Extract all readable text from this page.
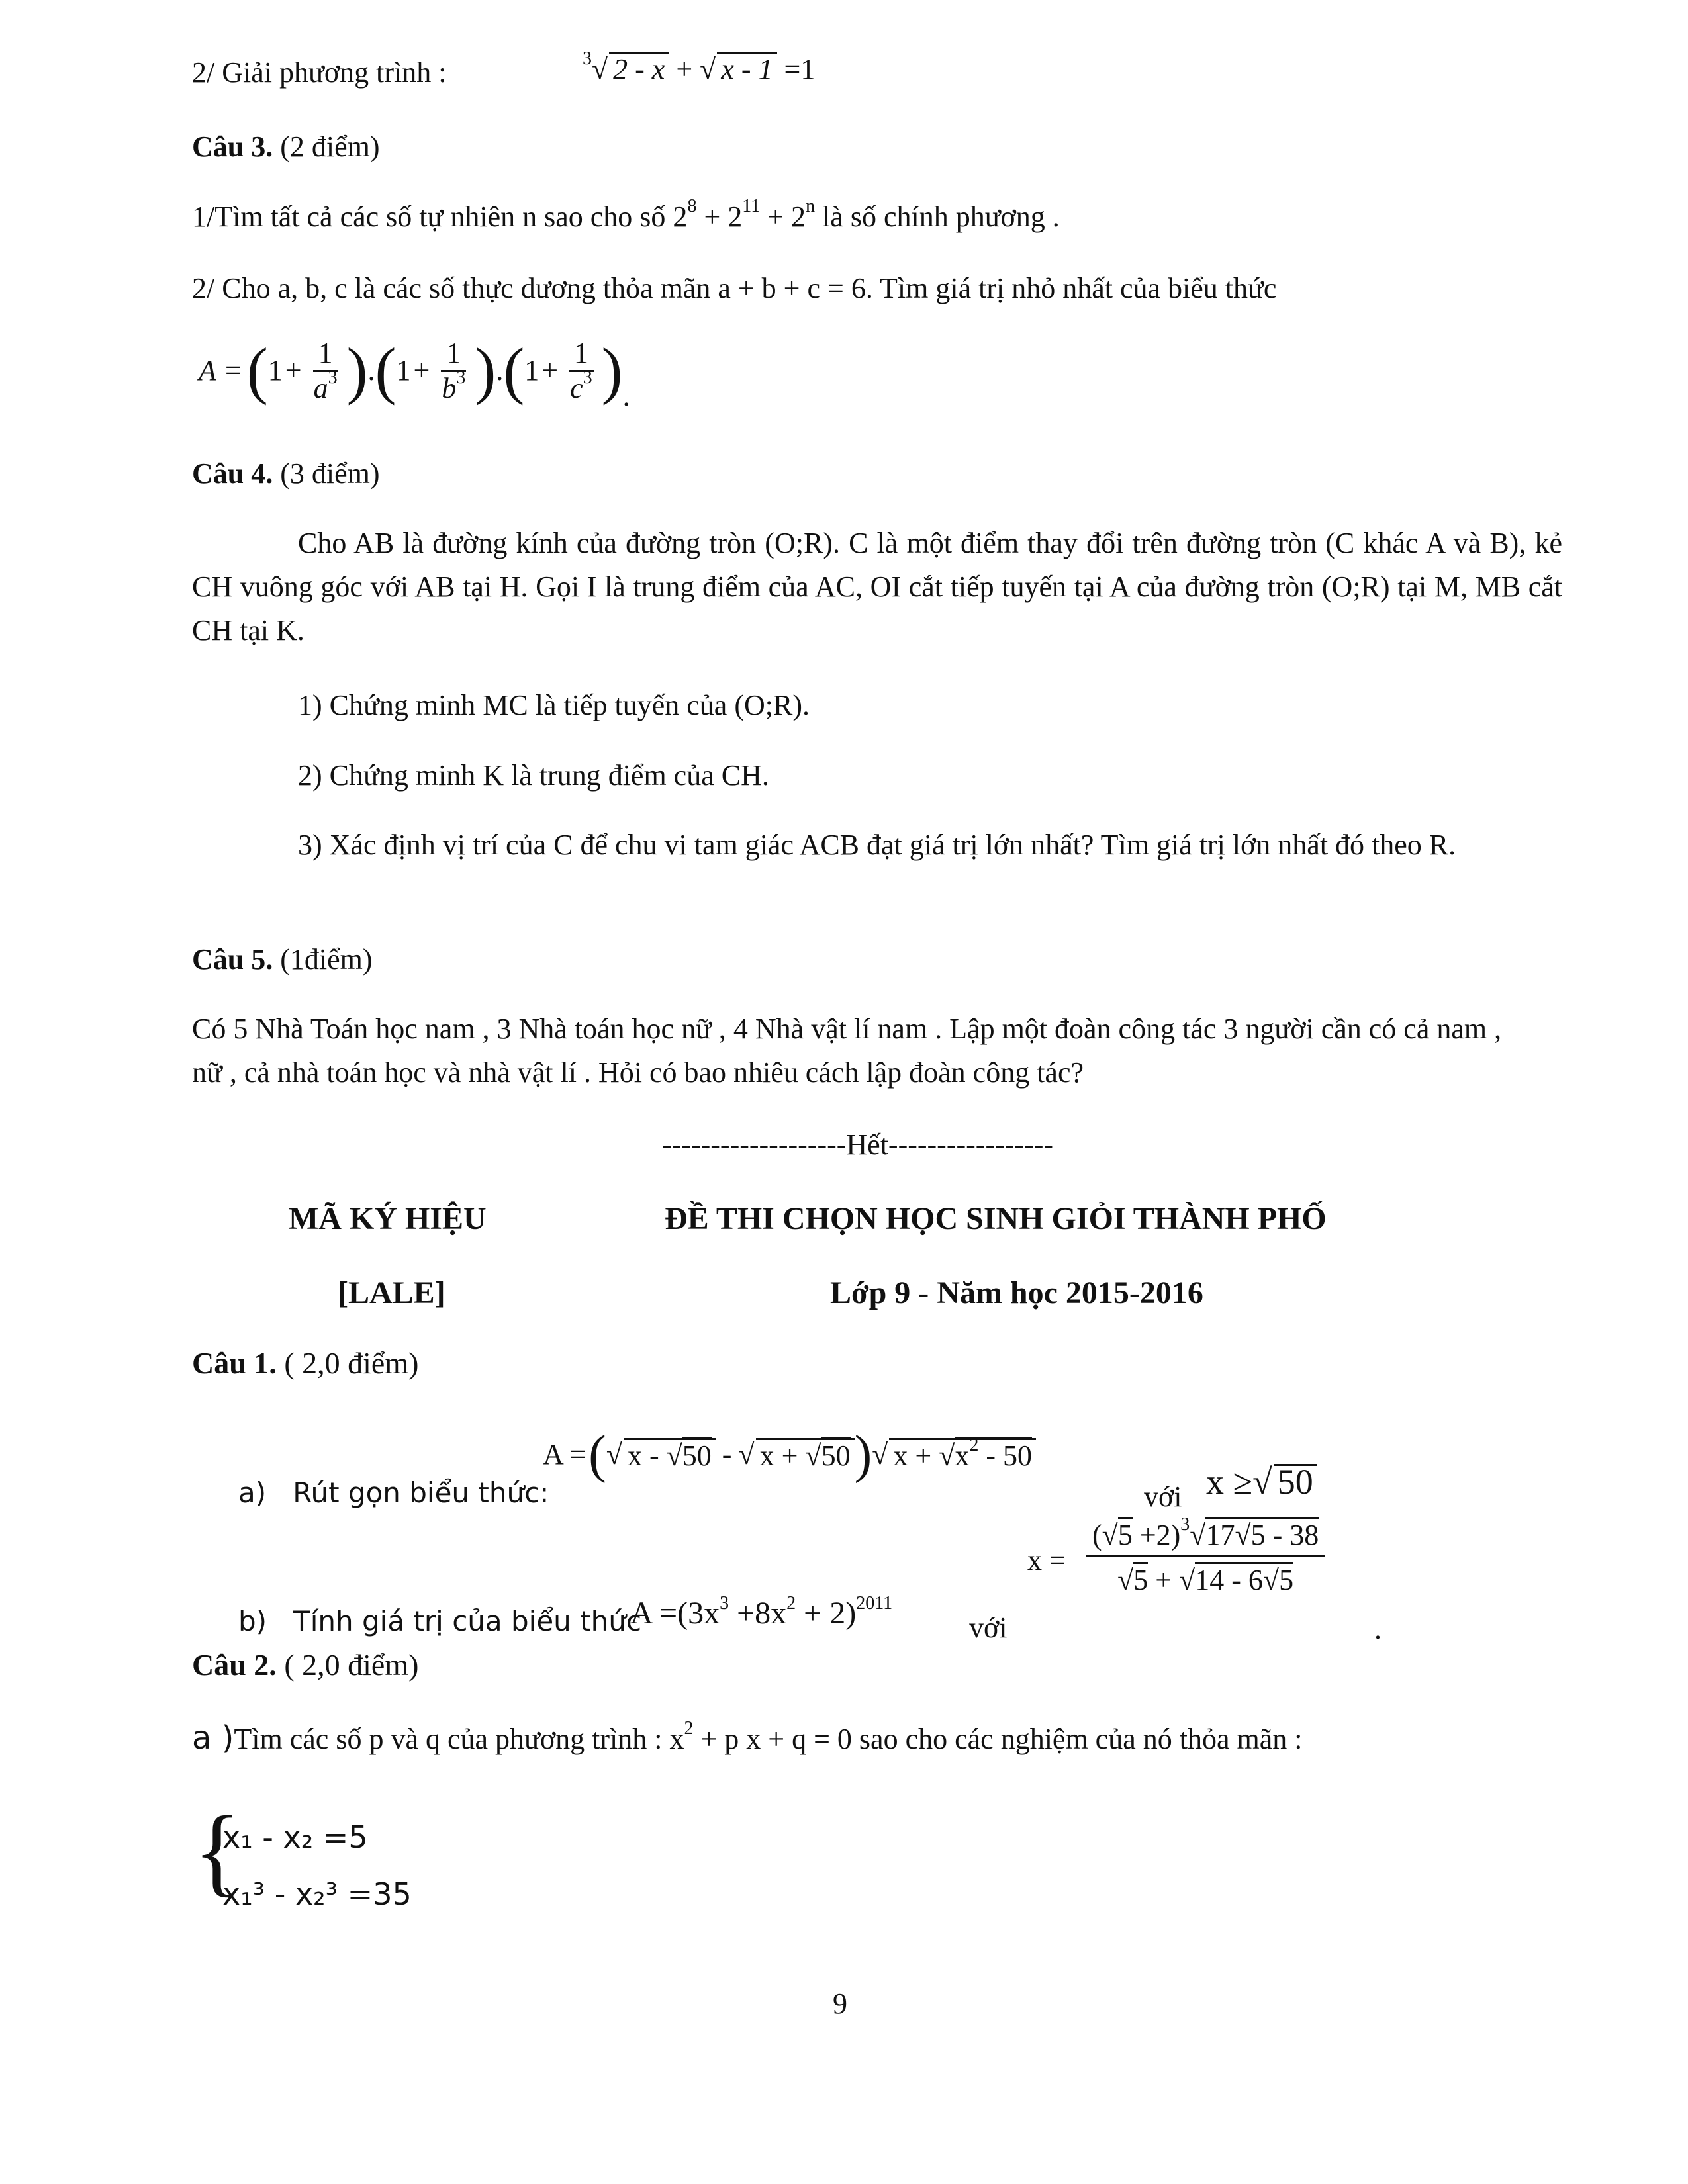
2/ Giải phương trình :	$^3$√ 2 - x + √ x - 1 =1
Câu 3. (2 điểm)
1/Tìm tất cả các số tự nhiên n sao cho số $2^8 + 2^{11} + 2^n$ là số chính phương .
2/ Cho a, b, c là các số thực dương thỏa mãn a + b + c = 6. Tìm giá trị nhỏ nhất của biểu thức
A = ( $1 + \frac{1}{a^3}$ ) . ( $1 + \frac{1}{b^3}$ ) . ( $1 + \frac{1}{c^3}$ ) .
Câu 4. (3 điểm)
Cho AB là đường kính của đường tròn (O;R). C là một điểm thay đổi trên đường tròn (C khác A và B), kẻ CH vuông góc với AB tại H. Gọi I là trung điểm của AC, OI cắt tiếp tuyến tại A của đường tròn (O;R) tại M, MB cắt CH tại K.
1) Chứng minh MC là tiếp tuyến của (O;R).
2) Chứng minh K là trung điểm của CH.
3) Xác định vị trí của C để chu vi tam giác ACB đạt giá trị lớn nhất? Tìm giá trị lớn nhất đó theo R.
Câu 5. (1điểm)
Có 5 Nhà Toán học nam , 3 Nhà toán học nữ , 4 Nhà vật lí nam . Lập một đoàn công tác 3 người cần có cả nam , nữ , cả nhà toán học và nhà vật lí . Hỏi có bao nhiêu cách lập đoàn công tác?
-------------------Hết-----------------
MÃ KÝ HIỆU	ĐỀ THI CHỌN HỌC SINH GIỎI THÀNH PHỐ
[LALE]	Lớp 9 - Năm học 2015-2016
Câu 1. ( 2,0 điểm)
A = ( √ x - √50 - √ x + √50 ) √ $x + √x^2 - 50$
a) Rút gọn biểu thức:	với x ≥√ 50
x =
$(√5 +2)^3√17√5 - 38$
√5 + √14 - 6√5
.
b) Tính giá trị của biểu thức
$A =(3x^3 +8x^2 + 2)^{2011}$
với
Câu 2. ( 2,0 điểm)
a )Tìm các số p và q của phương trình : $x^2 + p$ x + q = 0 sao cho các nghiệm của nó thỏa mãn :
{
x₁ - x₂ =5
x₁³ - x₂³ =35
9
